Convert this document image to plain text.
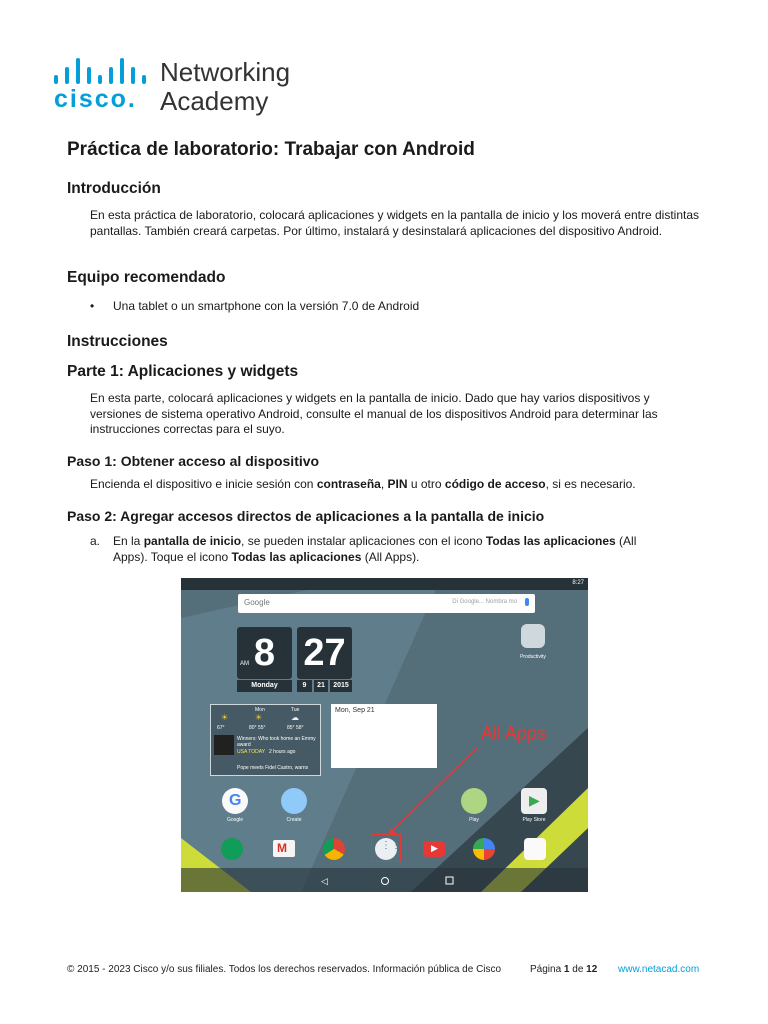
cisco.
Networking
Academy
Práctica de laboratorio: Trabajar con Android
Introducción

En esta práctica de laboratorio, colocará aplicaciones y widgets en la pantalla de inicio y los moverá entre distintas pantallas. También creará carpetas. Por último, instalará y desinstalará aplicaciones del dispositivo Android.

Equipo recomendado
• Una tablet o un smartphone con la versión 7.0 de Android
Instrucciones
Parte 1: Aplicaciones y widgets

En esta parte, colocará aplicaciones y widgets en la pantalla de inicio. Dado que hay varios dispositivos y versiones de sistema operativo Android, consulte el manual de los dispositivos Android para determinar las instrucciones correctas para el suyo.

Paso 1: Obtener acceso al dispositivo

Encienda el dispositivo e inicie sesión con contraseña, PIN u otro código de acceso, si es necesario.

Paso 2: Agregar accesos directos de aplicaciones a la pantalla de inicio
a. En la pantalla de inicio, se pueden instalar aplicaciones con el icono Todas las aplicaciones (All
Apps). Toque el icono Todas las aplicaciones (All Apps).

◁
8:27
Google	Di Google... Nombra mo
8
AM 27
Monday	9	21	2015
Mon	Tue
☀	☀	☁
67°	80° 55°	85° 58°
Winners: Who took home an Emmy award
USA TODAY 2 hours ago
Pope meets Fidel Castro, warns
Mon, Sep 21
Productivity
All Apps
G
Google	Create	Play
▶
Play Store
M	⋮⋮	▶
© 2015 - 2023 Cisco y/o sus filiales. Todos los derechos reservados. Información pública de Cisco	Página 1 de 12 www.netacad.com
